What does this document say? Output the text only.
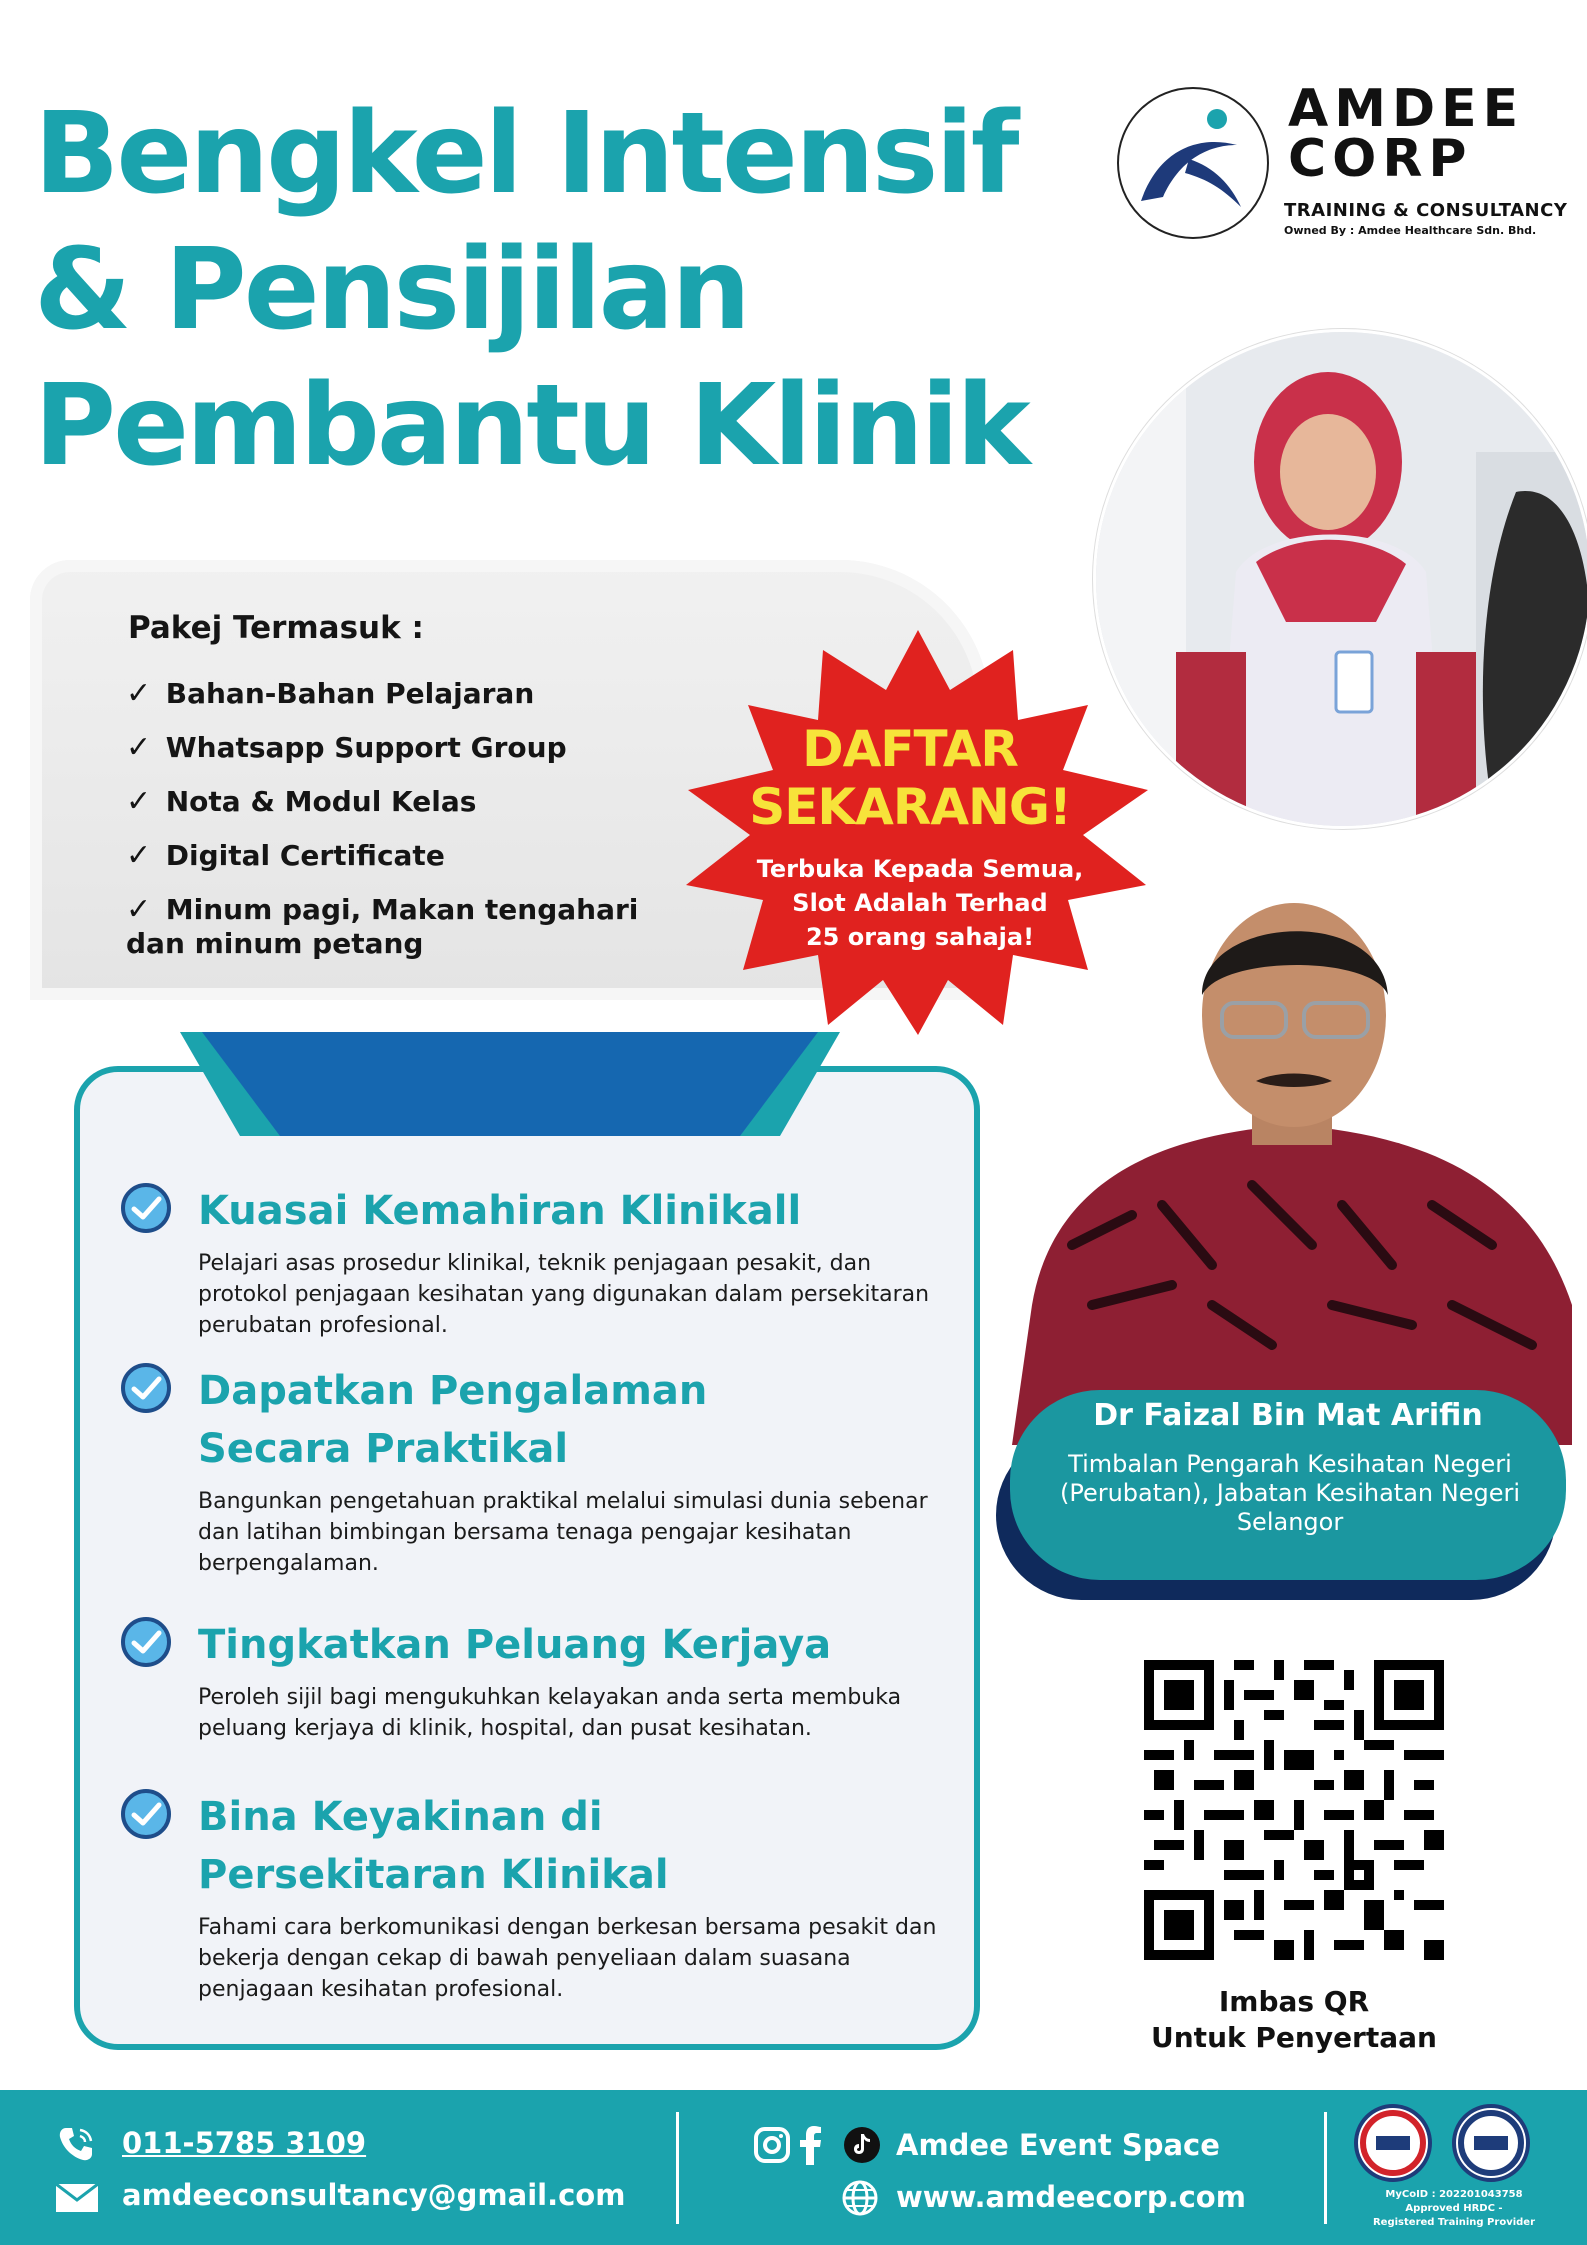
Bengkel Intensif
& Pensijilan
Pembantu Klinik
AMDEE
CORP
TRAINING & CONSULTANCY
Owned By : Amdee Healthcare Sdn. Bhd.
Pakej Termasuk :
✓ Bahan-Bahan Pelajaran
✓ Whatsapp Support Group
✓ Nota & Modul Kelas
✓ Digital Certificate
✓ Minum pagi, Makan tengahari dan minum petang
DAFTAR
SEKARANG!
Terbuka Kepada Semua,
Slot Adalah Terhad
25 orang sahaja!
Kuasai Kemahiran Klinikall
Pelajari asas prosedur klinikal, teknik penjagaan pesakit, dan protokol penjagaan kesihatan yang digunakan dalam persekitaran perubatan profesional.
Dapatkan Pengalaman Secara Praktikal
Bangunkan pengetahuan praktikal melalui simulasi dunia sebenar dan latihan bimbingan bersama tenaga pengajar kesihatan berpengalaman.
Tingkatkan Peluang Kerjaya
Peroleh sijil bagi mengukuhkan kelayakan anda serta membuka peluang kerjaya di klinik, hospital, dan pusat kesihatan.
Bina Keyakinan di Persekitaran Klinikal
Fahami cara berkomunikasi dengan berkesan bersama pesakit dan bekerja dengan cekap di bawah penyeliaan dalam suasana penjagaan kesihatan profesional.
Dr Faizal Bin Mat Arifin
Timbalan Pengarah Kesihatan Negeri (Perubatan), Jabatan Kesihatan Negeri Selangor
Imbas QR
Untuk Penyertaan
011-5785 3109
amdeeconsultancy@gmail.com
Amdee Event Space
www.amdeecorp.com	MyCoID : 202201043758
Approved HRDC -
Registered Training Provider
